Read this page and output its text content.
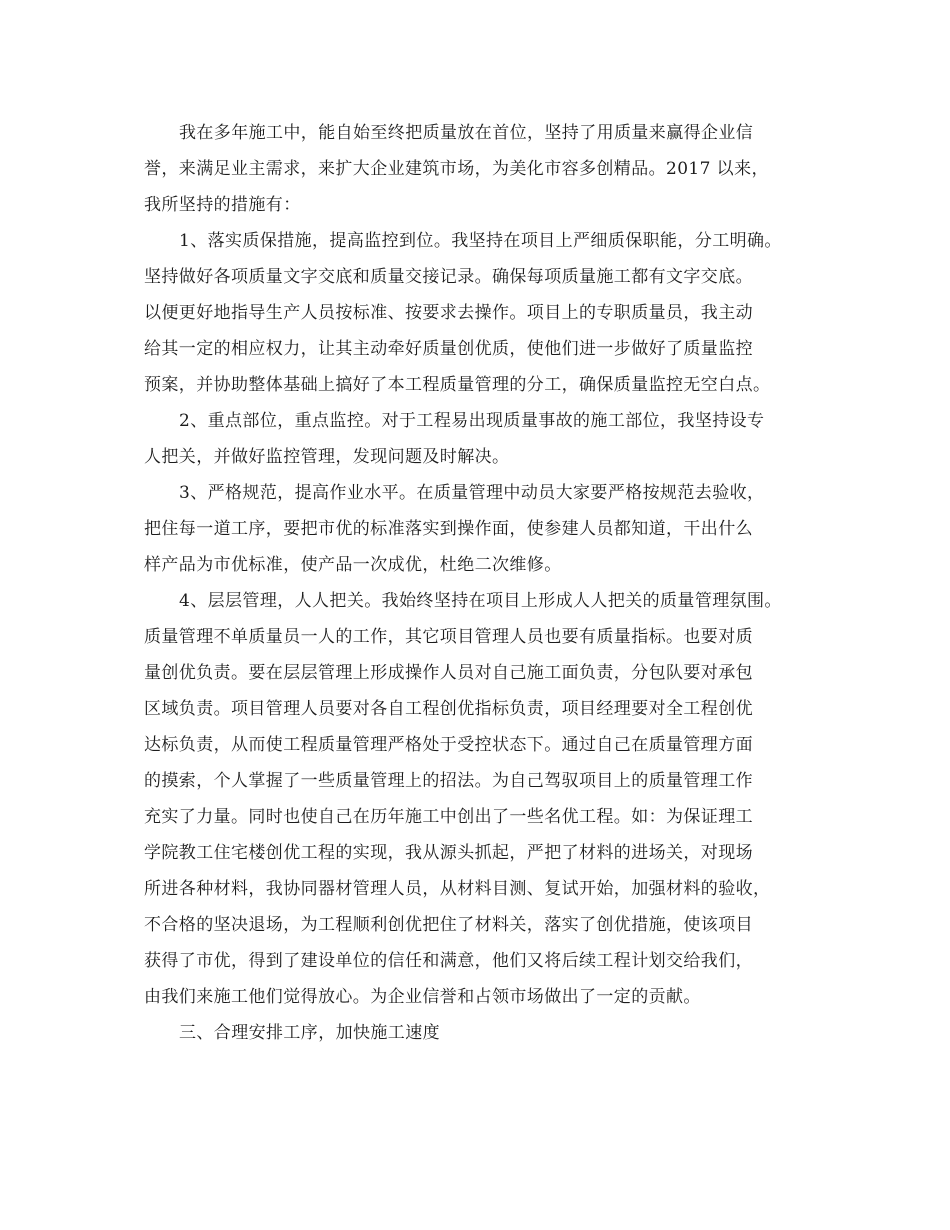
我在多年施工中，能自始至终把质量放在首位，坚持了用质量来赢得企业信
誉，来满足业主需求，来扩大企业建筑市场，为美化市容多创精品。2017 以来，
我所坚持的措施有：
1、落实质保措施，提高监控到位。我坚持在项目上严细质保职能，分工明确。
坚持做好各项质量文字交底和质量交接记录。确保每项质量施工都有文字交底。
以便更好地指导生产人员按标准、按要求去操作。项目上的专职质量员，我主动
给其一定的相应权力，让其主动牵好质量创优质，使他们进一步做好了质量监控
预案，并协助整体基础上搞好了本工程质量管理的分工，确保质量监控无空白点。
2、重点部位，重点监控。对于工程易出现质量事故的施工部位，我坚持设专
人把关，并做好监控管理，发现问题及时解决。
3、严格规范，提高作业水平。在质量管理中动员大家要严格按规范去验收，
把住每一道工序，要把市优的标准落实到操作面，使参建人员都知道，干出什么
样产品为市优标准，使产品一次成优，杜绝二次维修。
4、层层管理，人人把关。我始终坚持在项目上形成人人把关的质量管理氛围。
质量管理不单质量员一人的工作，其它项目管理人员也要有质量指标。也要对质
量创优负责。要在层层管理上形成操作人员对自己施工面负责，分包队要对承包
区域负责。项目管理人员要对各自工程创优指标负责，项目经理要对全工程创优
达标负责，从而使工程质量管理严格处于受控状态下。通过自己在质量管理方面
的摸索，个人掌握了一些质量管理上的招法。为自己驾驭项目上的质量管理工作
充实了力量。同时也使自己在历年施工中创出了一些名优工程。如：为保证理工
学院教工住宅楼创优工程的实现，我从源头抓起，严把了材料的进场关，对现场
所进各种材料，我协同器材管理人员，从材料目测、复试开始，加强材料的验收，
不合格的坚决退场，为工程顺利创优把住了材料关，落实了创优措施，使该项目
获得了市优，得到了建设单位的信任和满意，他们又将后续工程计划交给我们，
由我们来施工他们觉得放心。为企业信誉和占领市场做出了一定的贡献。
三、合理安排工序，加快施工速度
